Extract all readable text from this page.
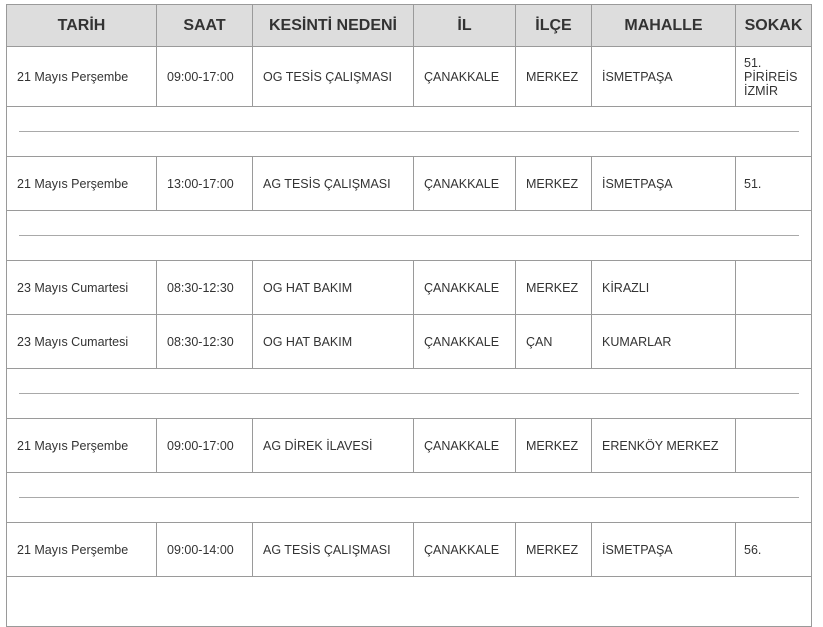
TARİH	SAAT	KESİNTİ NEDENİ	İL	İLÇE	MAHALLE	SOKAK
21 Mayıs Perşembe	09:00-17:00	OG TESİS ÇALIŞMASI	ÇANAKKALE	MERKEZ	İSMETPAŞA	51. PİRİREİS İZMİR

21 Mayıs Perşembe	13:00-17:00	AG TESİS ÇALIŞMASI	ÇANAKKALE	MERKEZ	İSMETPAŞA	51.

23 Mayıs Cumartesi	08:30-12:30	OG HAT BAKIM	ÇANAKKALE	MERKEZ	KİRAZLI	
23 Mayıs Cumartesi	08:30-12:30	OG HAT BAKIM	ÇANAKKALE	ÇAN	KUMARLAR	

21 Mayıs Perşembe	09:00-17:00	AG DİREK İLAVESİ	ÇANAKKALE	MERKEZ	ERENKÖY MERKEZ	

21 Mayıs Perşembe	09:00-14:00	AG TESİS ÇALIŞMASI	ÇANAKKALE	MERKEZ	İSMETPAŞA	56.
